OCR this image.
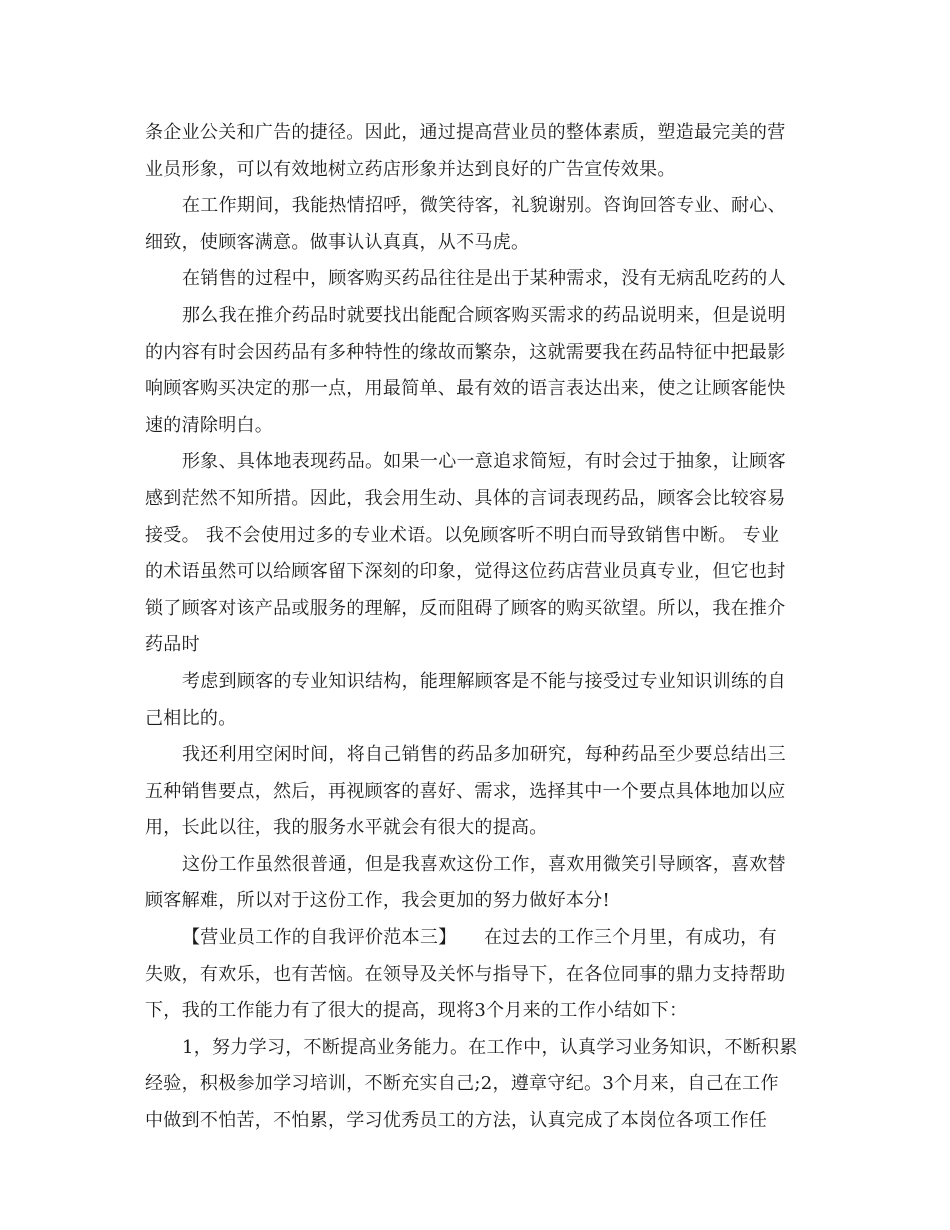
条企业公关和广告的捷径。因此，通过提高营业员的整体素质，塑造最完美的营
业员形象，可以有效地树立药店形象并达到良好的广告宣传效果。
在工作期间，我能热情招呼，微笑待客，礼貌谢别。咨询回答专业、耐心、
细致，使顾客满意。做事认认真真，从不马虎。
在销售的过程中，顾客购买药品往往是出于某种需求，没有无病乱吃药的人
那么我在推介药品时就要找出能配合顾客购买需求的药品说明来，但是说明
的内容有时会因药品有多种特性的缘故而繁杂，这就需要我在药品特征中把最影
响顾客购买决定的那一点，用最简单、最有效的语言表达出来，使之让顾客能快
速的清除明白。
形象、具体地表现药品。如果一心一意追求简短，有时会过于抽象，让顾客
感到茫然不知所措。因此，我会用生动、具体的言词表现药品，顾客会比较容易
接受。 我不会使用过多的专业术语。以免顾客听不明白而导致销售中断。 专业
的术语虽然可以给顾客留下深刻的印象，觉得这位药店营业员真专业，但它也封
锁了顾客对该产品或服务的理解，反而阻碍了顾客的购买欲望。所以，我在推介
药品时
考虑到顾客的专业知识结构，能理解顾客是不能与接受过专业知识训练的自
己相比的。
我还利用空闲时间，将自己销售的药品多加研究，每种药品至少要总结出三
五种销售要点，然后，再视顾客的喜好、需求，选择其中一个要点具体地加以应
用，长此以往，我的服务水平就会有很大的提高。
这份工作虽然很普通，但是我喜欢这份工作，喜欢用微笑引导顾客，喜欢替
顾客解难，所以对于这份工作，我会更加的努力做好本分!
【营业员工作的自我评价范本三】　　在过去的工作三个月里，有成功，有
失败，有欢乐，也有苦恼。在领导及关怀与指导下，在各位同事的鼎力支持帮助
下，我的工作能力有了很大的提高，现将3个月来的工作小结如下：
1，努力学习，不断提高业务能力。在工作中，认真学习业务知识，不断积累
经验，积极参加学习培训，不断充实自己;2，遵章守纪。3个月来，自己在工作
中做到不怕苦，不怕累，学习优秀员工的方法，认真完成了本岗位各项工作任
